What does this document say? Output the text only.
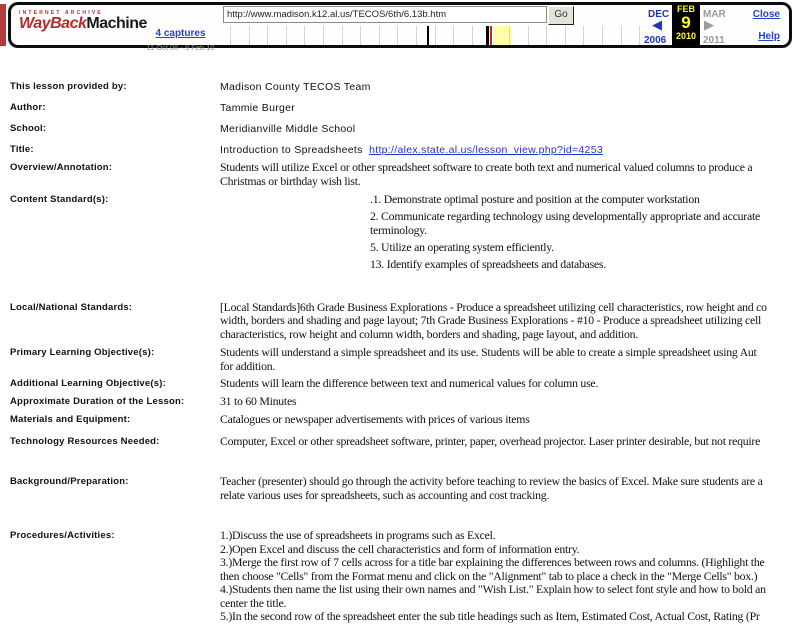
INTERNET ARCHIVE
WayBackMachine
4 captures
11 Oct 06 - 9 Feb 10
http://www.madison.k12.al.us/TECOS/6th/6.13b.htm
Go	DEC	MAR
◀	▶
2006	2011
FEB
9
2010
Close
Help
This lesson provided by:	Madison County TECOS Team
Author:	Tammie Burger
School:	Meridianville Middle School
Title:	Introduction to Spreadsheets  http://alex.state.al.us/lesson_view.php?id=4253
Overview/Annotation:	Students will utilize Excel or other spreadsheet software to create both text and numerical valued columns to produce a
Christmas or birthday wish list.
Content Standard(s):	.1. Demonstrate optimal posture and position at the computer workstation
2. Communicate regarding technology using developmentally appropriate and accurate
terminology.
5. Utilize an operating system efficiently.
13. Identify examples of spreadsheets and databases.
Local/National Standards:	[Local Standards]6th Grade Business Explorations - Produce a spreadsheet utilizing cell characteristics, row height and co
width, borders and shading and page layout; 7th Grade Business Explorations - #10 - Produce a spreadsheet utilizing cell
characteristics, row height and column width, borders and shading, page layout, and addition.
Primary Learning Objective(s):	Students will understand a simple spreadsheet and its use. Students will be able to create a simple spreadsheet using Aut
for addition.
Additional Learning Objective(s):	Students will learn the difference between text and numerical values for column use.
Approximate Duration of the Lesson:	31 to 60 Minutes
Materials and Equipment:	Catalogues or newspaper advertisements with prices of various items
Technology Resources Needed:	Computer, Excel or other spreadsheet software, printer, paper, overhead projector. Laser printer desirable, but not require
Background/Preparation:	Teacher (presenter) should go through the activity before teaching to review the basics of Excel. Make sure students are a
relate various uses for spreadsheets, such as accounting and cost tracking.
Procedures/Activities:	1.)Discuss the use of spreadsheets in programs such as Excel.
2.)Open Excel and discuss the cell characteristics and form of information entry.
3.)Merge the first row of 7 cells across for a title bar explaining the differences between rows and columns. (Highlight the
then choose "Cells" from the Format menu and click on the "Alignment" tab to place a check in the "Merge Cells" box.)
4.)Students then name the list using their own names and "Wish List." Explain how to select font style and how to bold an
center the title.
5.)In the second row of the spreadsheet enter the sub title headings such as Item, Estimated Cost, Actual Cost, Rating (Pr
